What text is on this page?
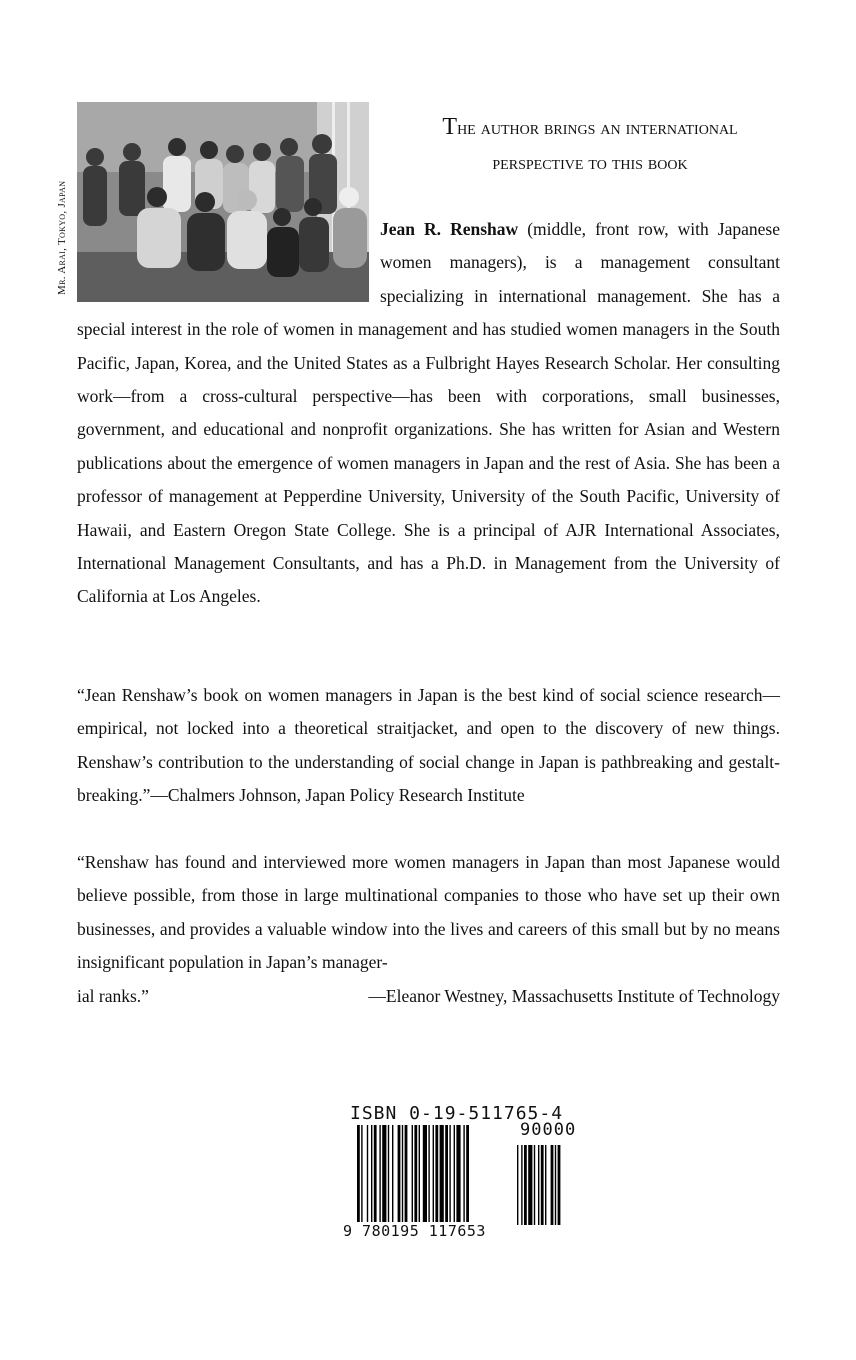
Mr. Arai, Tokyo, Japan
The author brings an international
perspective to this book
Jean R. Renshaw (middle, front row, with Japanese women managers), is a management consultant specializing in international management. She has a special interest in the role of women in management and has studied women managers in the South Pacific, Japan, Korea, and the United States as a Fulbright Hayes Research Scholar. Her consulting work—from a cross-cultural perspective—has been with corporations, small businesses, government, and educational and nonprofit organizations. She has written for Asian and Western publications about the emergence of women managers in Japan and the rest of Asia. She has been a professor of management at Pepperdine University, University of the South Pacific, University of Hawaii, and Eastern Oregon State College. She is a principal of AJR International Associates, International Management Consultants, and has a Ph.D. in Management from the University of California at Los Angeles.
“Jean Renshaw’s book on women managers in Japan is the best kind of social science research—empirical, not locked into a theoretical straitjacket, and open to the discovery of new things. Renshaw’s contribution to the understanding of social change in Japan is pathbreaking and gestalt-breaking.”—Chalmers Johnson, Japan Policy Research Institute
“Renshaw has found and interviewed more women managers in Japan than most Japanese would believe possible, from those in large multinational companies to those who have set up their own businesses, and provides a valuable window into the lives and careers of this small but by no means insignificant population in Japan’s manager-
ial ranks.”	—Eleanor Westney, Massachusetts Institute of Technology
ISBN 0-19-511765-4
90000
9 780195 117653
